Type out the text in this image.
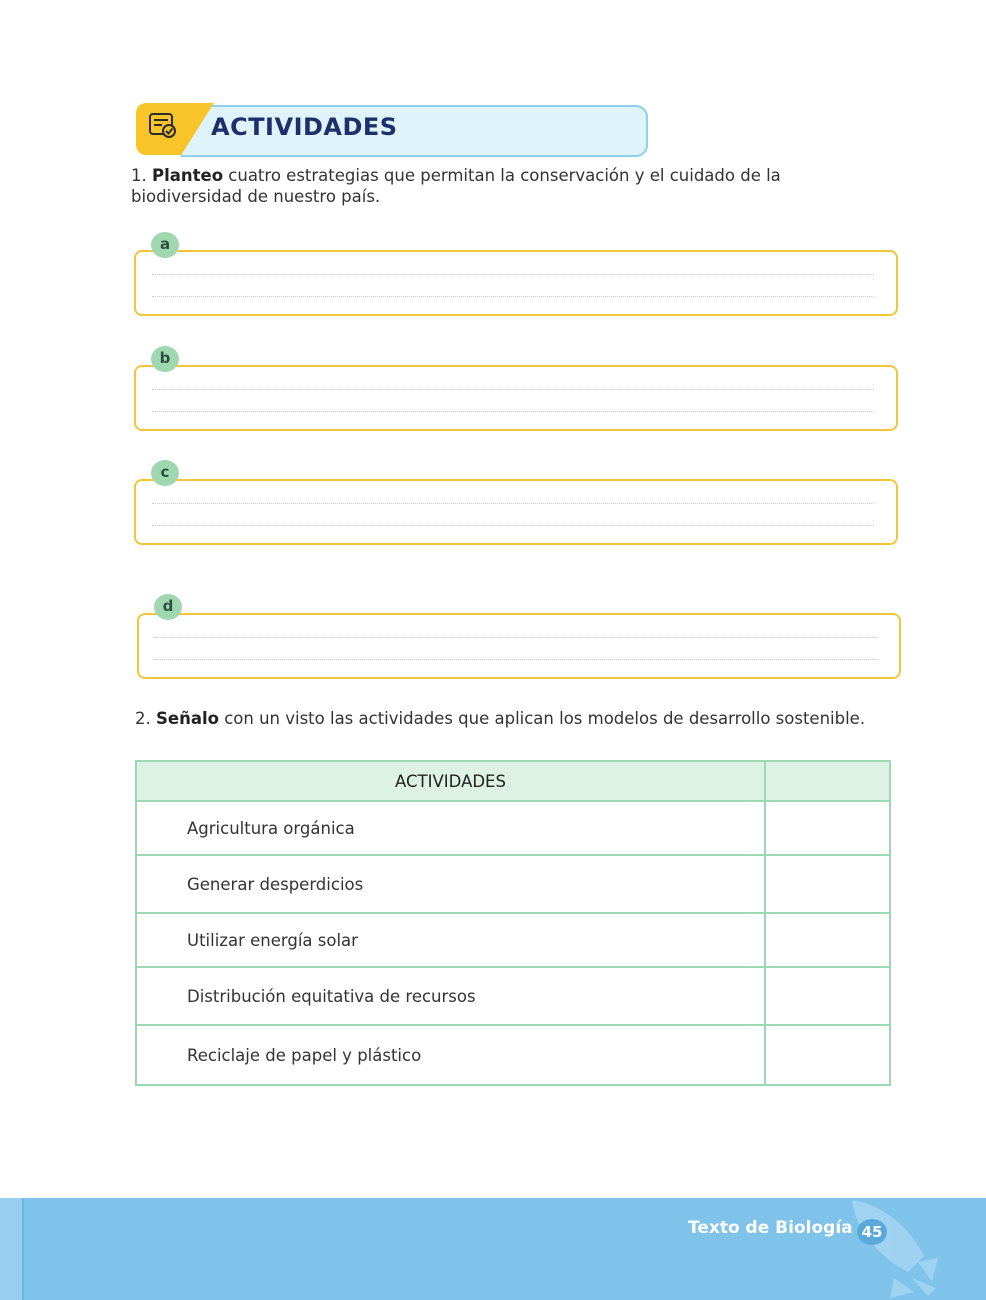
ACTIVIDADES
1. Planteo cuatro estrategias que permitan la conservación y el cuidado de la biodiversidad de nuestro país.
a
b
c
d
2. Señalo con un visto las actividades que aplican los modelos de desarrollo sostenible.
ACTIVIDADES	
Agricultura orgánica	
Generar desperdicios	
Utilizar energía solar	
Distribución equitativa de recursos	
Reciclaje de papel y plástico	
Texto de Biología 45
